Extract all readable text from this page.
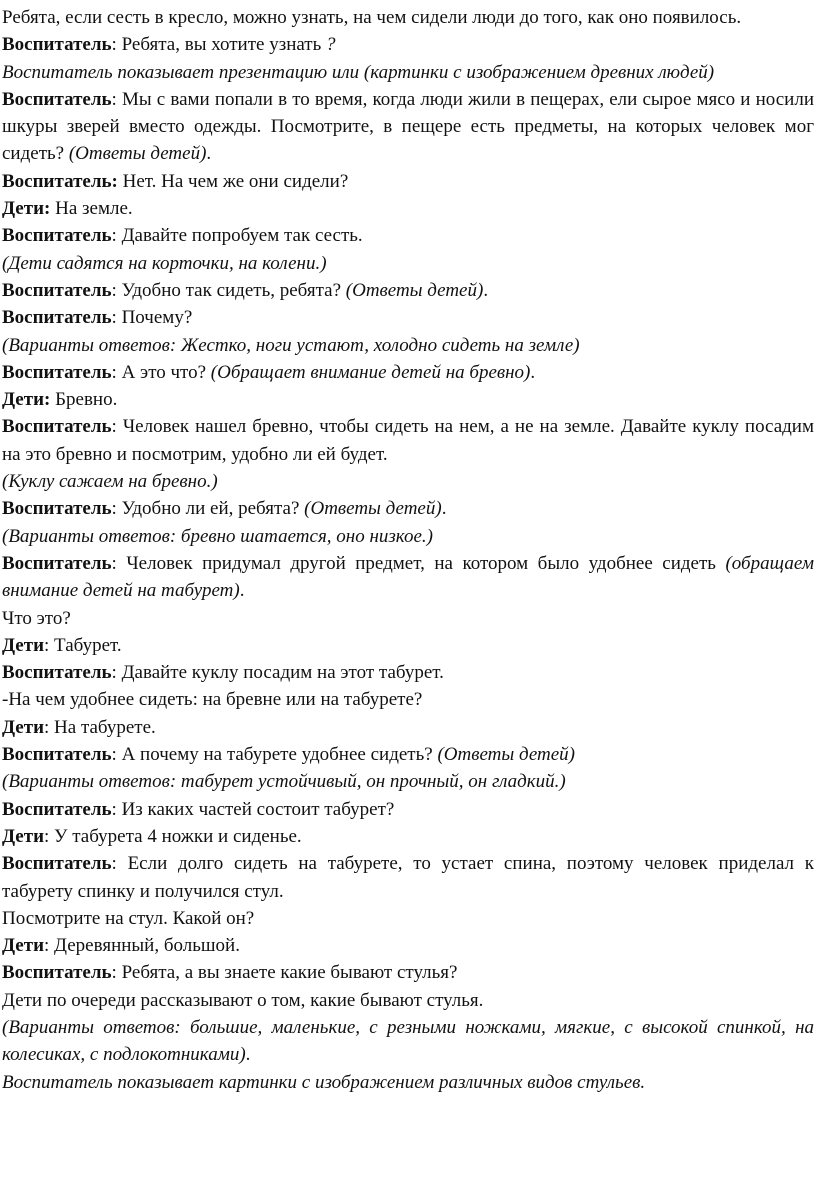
Ребята, если сесть в кресло, можно узнать, на чем сидели люди до того, как оно появилось.

Воспитатель: Ребята, вы хотите узнать ?

Воспитатель показывает презентацию или (картинки с изображением древних людей)

Воспитатель: Мы с вами попали в то время, когда люди жили в пещерах, ели сырое мясо и носили шкуры зверей вместо одежды. Посмотрите, в пещере есть предметы, на которых человек мог сидеть? (Ответы детей).

Воспитатель: Нет. На чем же они сидели?

Дети: На земле.

Воспитатель: Давайте попробуем так сесть.

(Дети садятся на корточки, на колени.)

Воспитатель: Удобно так сидеть, ребята? (Ответы детей).

Воспитатель: Почему?

(Варианты ответов: Жестко, ноги устают, холодно сидеть на земле)

Воспитатель: А это что? (Обращает внимание детей на бревно).

Дети: Бревно.

Воспитатель: Человек нашел бревно, чтобы сидеть на нем, а не на земле. Давайте куклу посадим на это бревно и посмотрим, удобно ли ей будет.

(Куклу сажаем на бревно.)

Воспитатель: Удобно ли ей, ребята? (Ответы детей).

(Варианты ответов: бревно шатается, оно низкое.)

Воспитатель: Человек придумал другой предмет, на котором было удобнее сидеть (обращаем внимание детей на табурет).

Что это?

Дети: Табурет.

Воспитатель: Давайте куклу посадим на этот табурет.

-На чем удобнее сидеть: на бревне или на табурете?

Дети: На табурете.

Воспитатель: А почему на табурете удобнее сидеть? (Ответы детей)

(Варианты ответов: табурет устойчивый, он прочный, он гладкий.)

Воспитатель: Из каких частей состоит табурет?

Дети: У табурета 4 ножки и сиденье.

Воспитатель: Если долго сидеть на табурете, то устает спина, поэтому человек приделал к табурету спинку и получился стул.

Посмотрите на стул. Какой он?

Дети: Деревянный, большой.

Воспитатель: Ребята, а вы знаете какие бывают стулья?

Дети по очереди рассказывают о том, какие бывают стулья.

(Варианты ответов: большие, маленькие, с резными ножками, мягкие, с высокой спинкой, на колесиках, с подлокотниками).

Воспитатель показывает картинки с изображением различных видов стульев.
